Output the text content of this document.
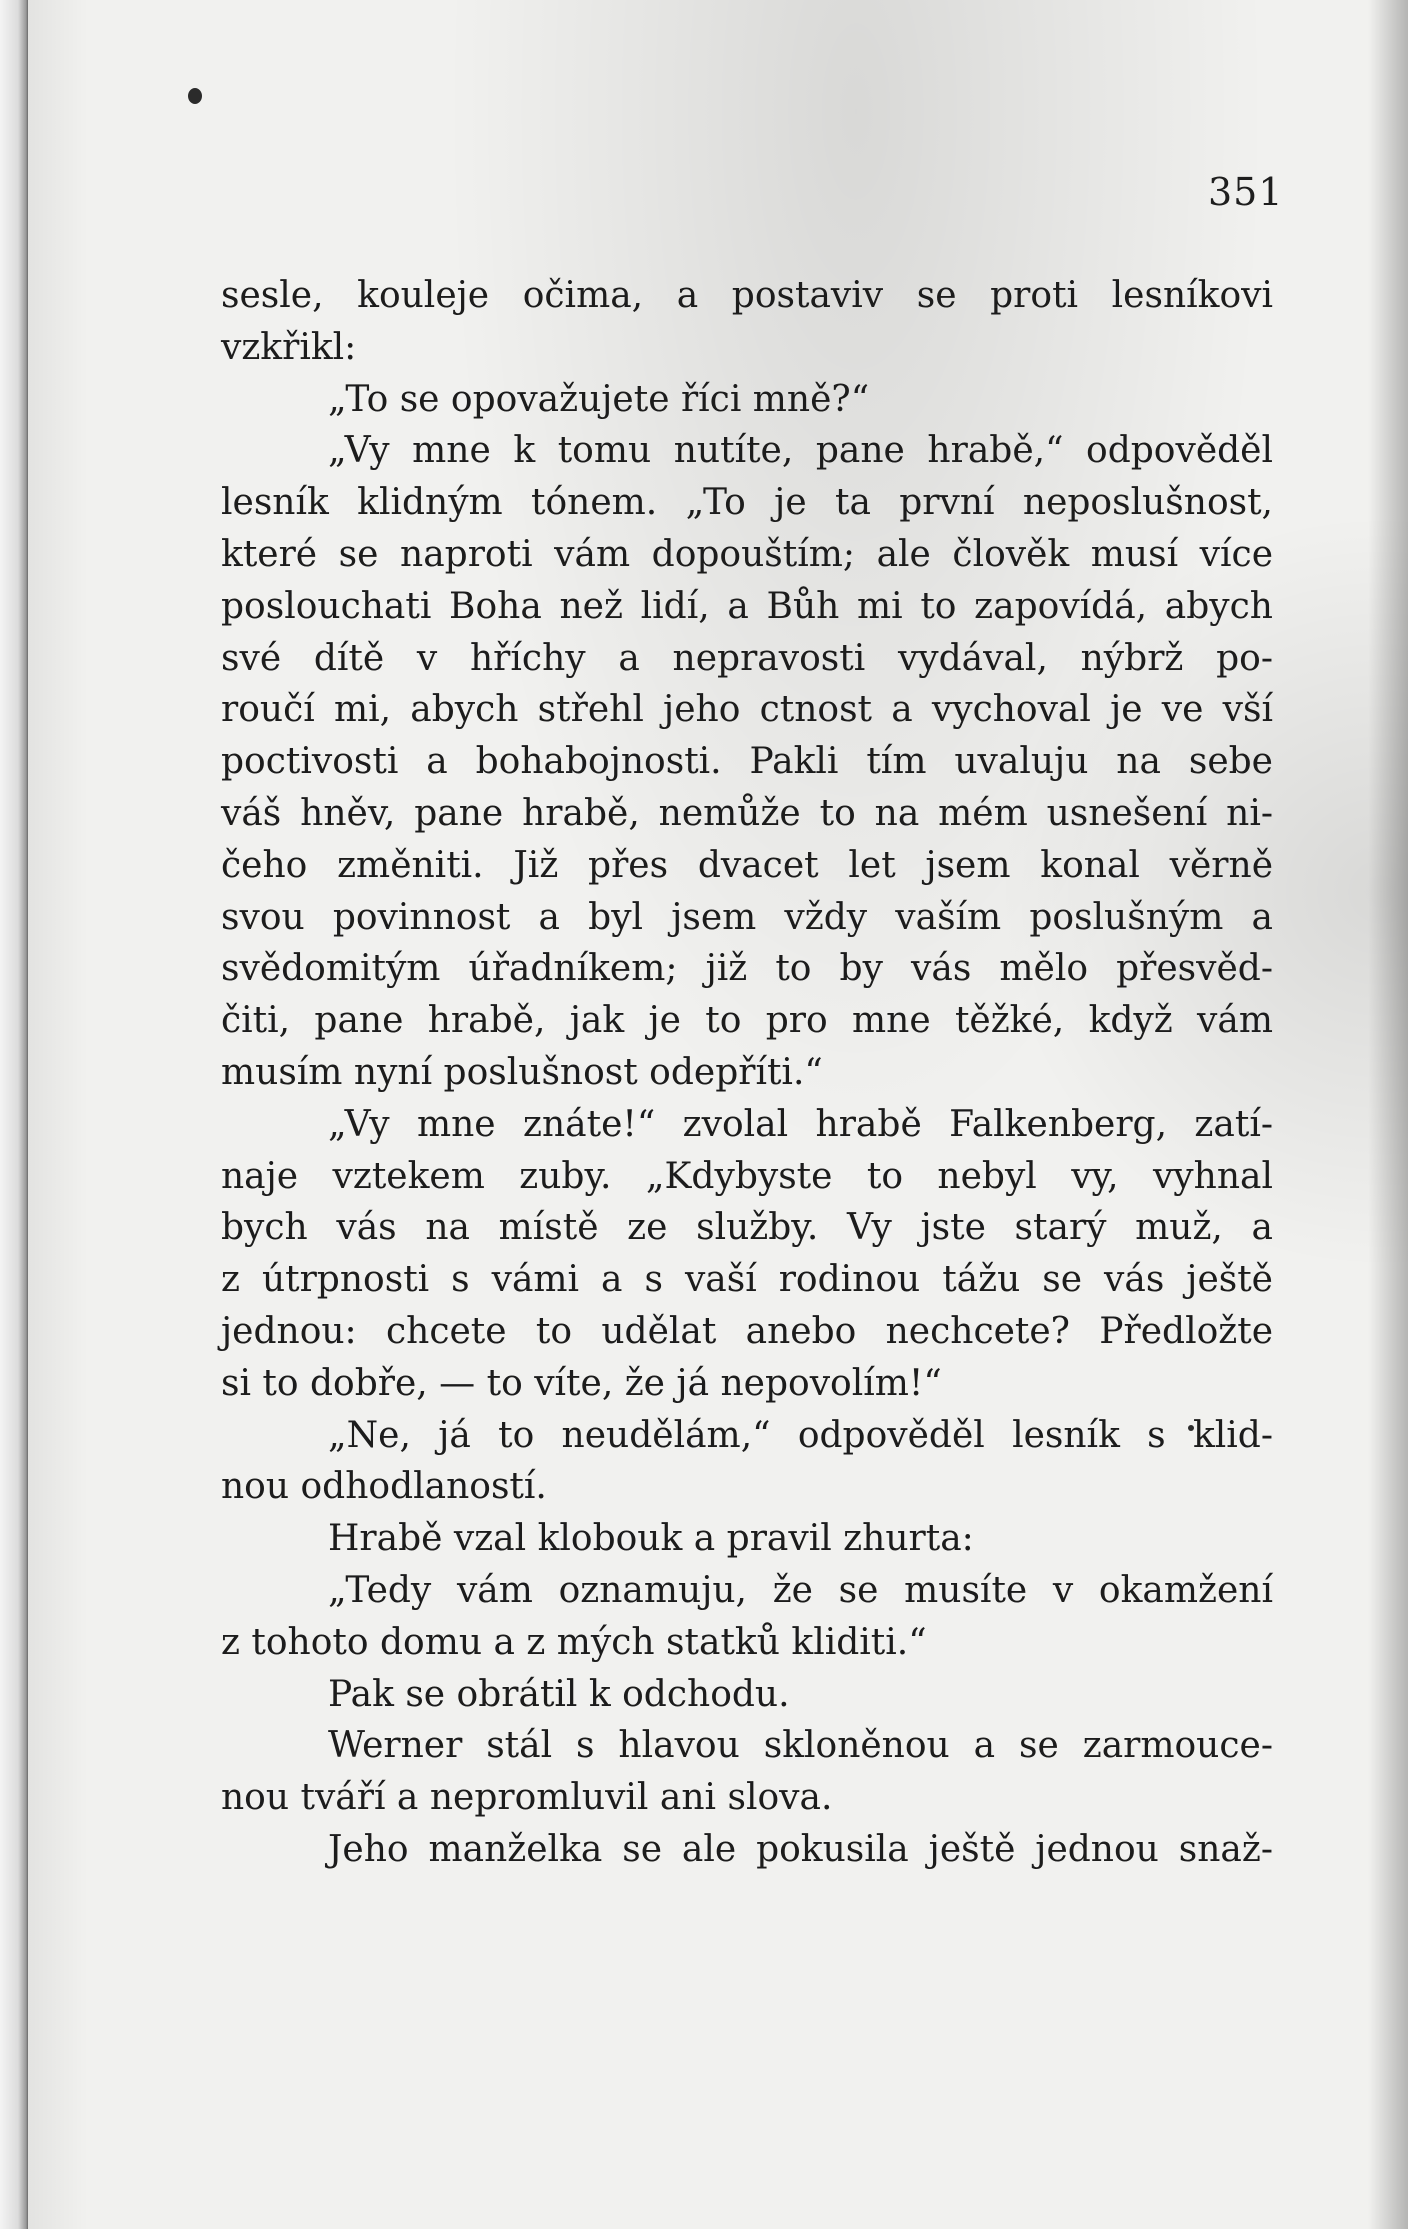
351
sesle, kouleje očima, a postaviv se proti lesníkovi
vzkřikl:
„To se opovažujete říci mně?“
„Vy mne k tomu nutíte, pane hrabě,“ odpověděl
lesník klidným tónem. „To je ta první neposlušnost,
které se naproti vám dopouštím; ale člověk musí více
poslouchati Boha než lidí, a Bůh mi to zapovídá, abych
své dítě v hříchy a nepravosti vydával, nýbrž po-
roučí mi, abych střehl jeho ctnost a vychoval je ve vší
poctivosti a bohabojnosti. Pakli tím uvaluju na sebe
váš hněv, pane hrabě, nemůže to na mém usnešení ni-
čeho změniti. Již přes dvacet let jsem konal věrně
svou povinnost a byl jsem vždy vaším poslušným a
svědomitým úřadníkem; již to by vás mělo přesvěd-
čiti, pane hrabě, jak je to pro mne těžké, když vám
musím nyní poslušnost odepříti.“
„Vy mne znáte!“ zvolal hrabě Falkenberg, zatí-
naje vztekem zuby. „Kdybyste to nebyl vy, vyhnal
bych vás na místě ze služby. Vy jste starý muž, a
z útrpnosti s vámi a s vaší rodinou tážu se vás ještě
jednou: chcete to udělat anebo nechcete? Předložte
si to dobře, — to víte, že já nepovolím!“
„Ne, já to neudělám,“ odpověděl lesník s klid-
nou odhodlaností.
Hrabě vzal klobouk a pravil zhurta:
„Tedy vám oznamuju, že se musíte v okamžení
z tohoto domu a z mých statků kliditi.“
Pak se obrátil k odchodu.
Werner stál s hlavou skloněnou a se zarmouce-
nou tváří a nepromluvil ani slova.
Jeho manželka se ale pokusila ještě jednou snaž-
